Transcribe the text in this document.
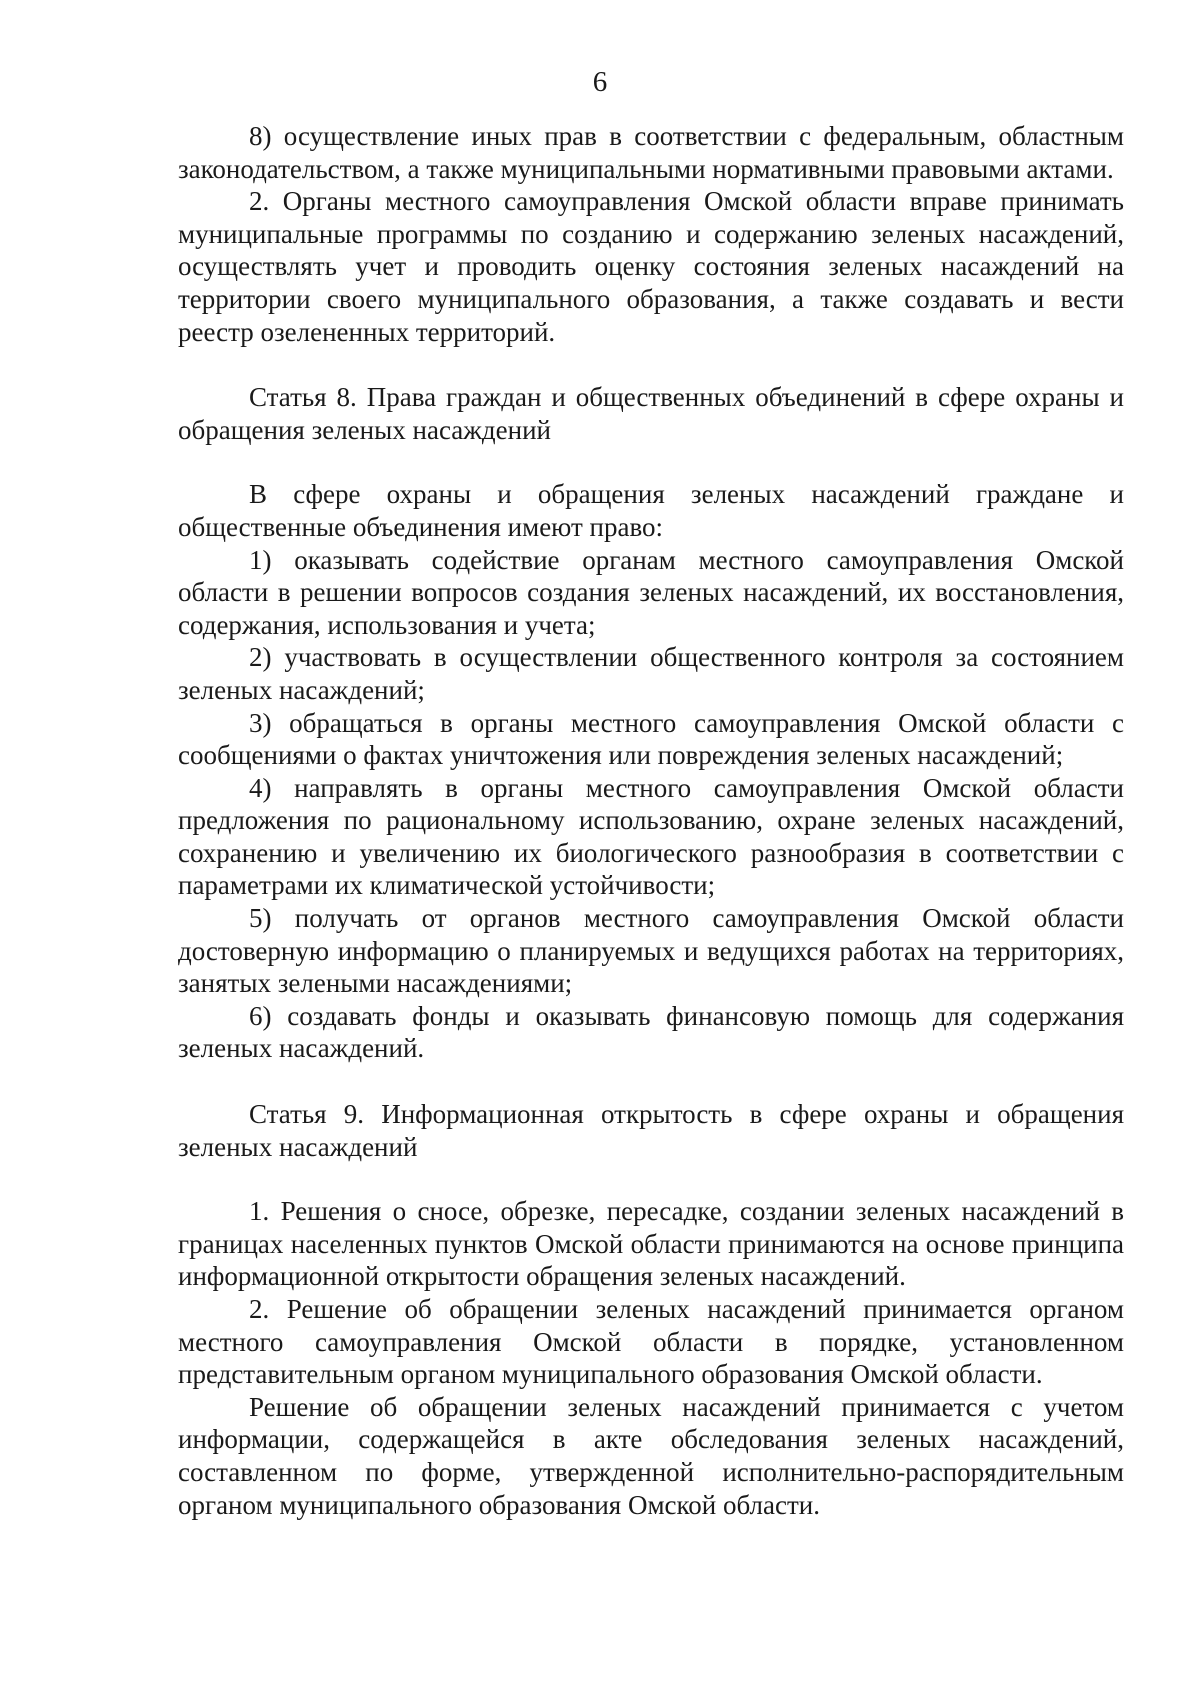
6

8) осуществление иных прав в соответствии с федеральным, областным законодательством, а также муниципальными нормативными правовыми актами.

2. Органы местного самоуправления Омской области вправе принимать муниципальные программы по созданию и содержанию зеленых насаждений, осуществлять учет и проводить оценку состояния зеленых насаждений на территории своего муниципального образования, а также создавать и вести реестр озелененных территорий.

Статья 8. Права граждан и общественных объединений в сфере охраны и обращения зеленых насаждений

В сфере охраны и обращения зеленых насаждений граждане и общественные объединения имеют право:

1) оказывать содействие органам местного самоуправления Омской области в решении вопросов создания зеленых насаждений, их восстановления, содержания, использования и учета;

2) участвовать в осуществлении общественного контроля за состоянием зеленых насаждений;

3) обращаться в органы местного самоуправления Омской области с сообщениями о фактах уничтожения или повреждения зеленых насаждений;

4) направлять в органы местного самоуправления Омской области предложения по рациональному использованию, охране зеленых насаждений, сохранению и увеличению их биологического разнообразия в соответствии с параметрами их климатической устойчивости;

5) получать от органов местного самоуправления Омской области достоверную информацию о планируемых и ведущихся работах на территориях, занятых зелеными насаждениями;

6) создавать фонды и оказывать финансовую помощь для содержания зеленых насаждений.

Статья 9. Информационная открытость в сфере охраны и обращения зеленых насаждений

1. Решения о сносе, обрезке, пересадке, создании зеленых насаждений в границах населенных пунктов Омской области принимаются на основе принципа информационной открытости обращения зеленых насаждений.

2. Решение об обращении зеленых насаждений принимается органом местного самоуправления Омской области в порядке, установленном представительным органом муниципального образования Омской области.

Решение об обращении зеленых насаждений принимается с учетом информации, содержащейся в акте обследования зеленых насаждений, составленном по форме, утвержденной исполнительно-распорядительным органом муниципального образования Омской области.
